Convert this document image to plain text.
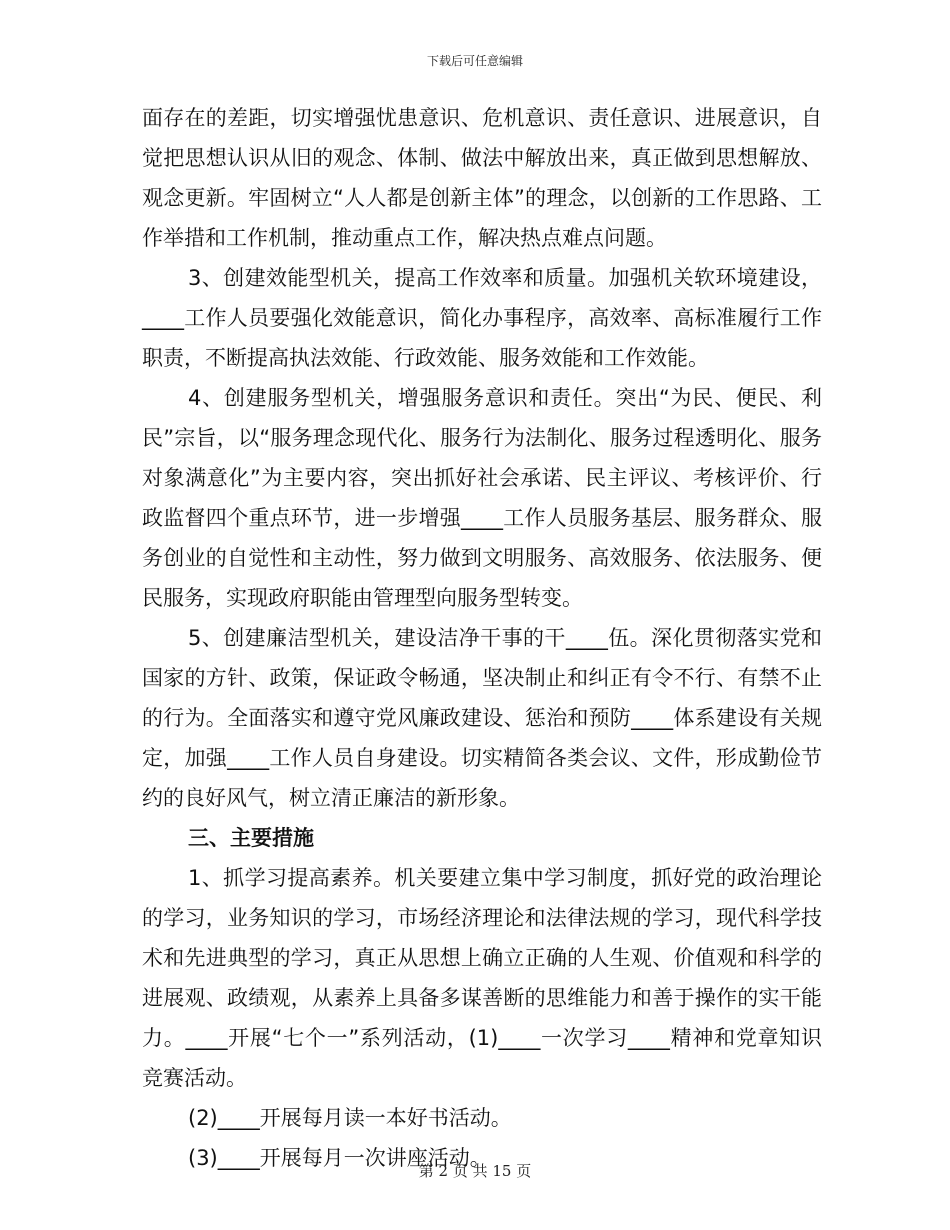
下载后可任意编辑

面存在的差距，切实增强忧患意识、危机意识、责任意识、进展意识，自觉把思想认识从旧的观念、体制、做法中解放出来，真正做到思想解放、观念更新。牢固树立“人人都是创新主体”的理念，以创新的工作思路、工作举措和工作机制，推动重点工作，解决热点难点问题。

3、创建效能型机关，提高工作效率和质量。加强机关软环境建设，____工作人员要强化效能意识，简化办事程序，高效率、高标准履行工作职责，不断提高执法效能、行政效能、服务效能和工作效能。

4、创建服务型机关，增强服务意识和责任。突出“为民、便民、利民”宗旨，以“服务理念现代化、服务行为法制化、服务过程透明化、服务对象满意化”为主要内容，突出抓好社会承诺、民主评议、考核评价、行政监督四个重点环节，进一步增强____工作人员服务基层、服务群众、服务创业的自觉性和主动性，努力做到文明服务、高效服务、依法服务、便民服务，实现政府职能由管理型向服务型转变。

5、创建廉洁型机关，建设洁净干事的干____伍。深化贯彻落实党和国家的方针、政策，保证政令畅通，坚决制止和纠正有令不行、有禁不止的行为。全面落实和遵守党风廉政建设、惩治和预防____体系建设有关规定，加强____工作人员自身建设。切实精简各类会议、文件，形成勤俭节约的良好风气，树立清正廉洁的新形象。

三、主要措施

1、抓学习提高素养。机关要建立集中学习制度，抓好党的政治理论的学习，业务知识的学习，市场经济理论和法律法规的学习，现代科学技术和先进典型的学习，真正从思想上确立正确的人生观、价值观和科学的进展观、政绩观，从素养上具备多谋善断的思维能力和善于操作的实干能力。____开展“七个一”系列活动，(1)____一次学习____精神和党章知识竞赛活动。

(2)____开展每月读一本好书活动。

(3)____开展每月一次讲座活动。

第 2 页 共 15 页
